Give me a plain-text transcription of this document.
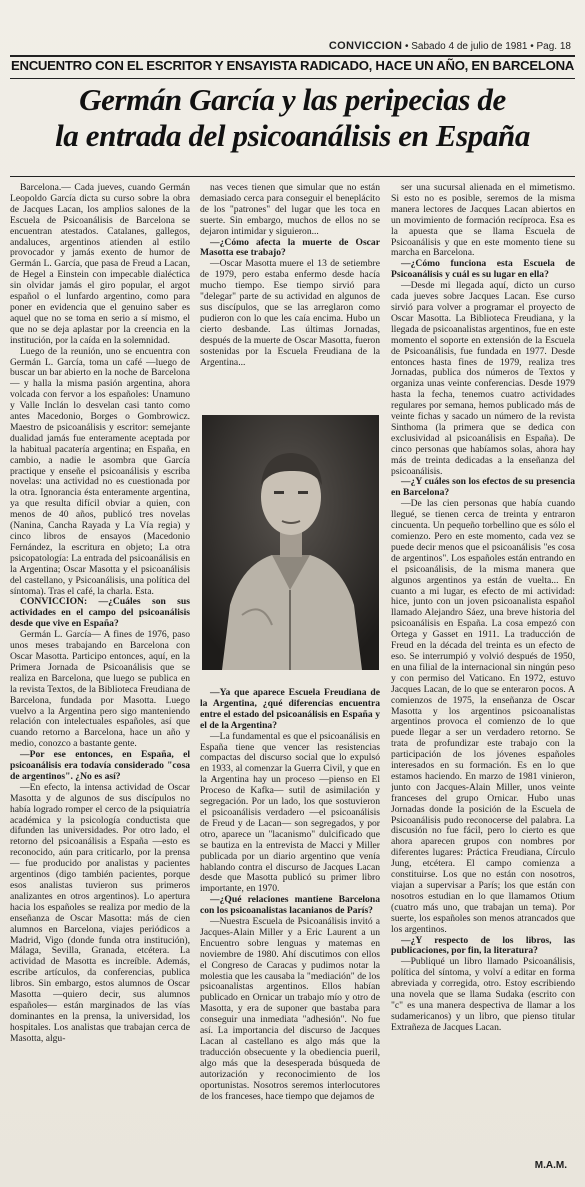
CONVICCION • Sabado 4 de julio de 1981 • Pag. 18
ENCUENTRO CON EL ESCRITOR Y ENSAYISTA RADICADO, HACE UN AÑO, EN BARCELONA
Germán García y las peripecias de
la entrada del psicoanálisis en España

Barcelona.— Cada jueves, cuando Germán Leopoldo García dicta su curso sobre la obra de Jacques Lacan, los amplios salones de la Escuela de Psicoanálisis de Barcelona se encuentran atestados. Catalanes, gallegos, andaluces, argentinos atienden al estilo provocador y jamás exento de humor de Germán L. García, que pasa de Freud a Lacan, de Hegel a Einstein con impecable dialéctica sin olvidar jamás el giro popular, el argot español o el lunfardo argentino, como para poner en evidencia que el genuino saber es aquel que no se toma en serio a sí mismo, el que no se deja aplastar por la creencia en la institución, por la caída en la solemnidad.

Luego de la reunión, uno se encuentra con Germán L. García, toma un café —luego de buscar un bar abierto en la noche de Barcelona— y halla la misma pasión argentina, ahora volcada con fervor a los españoles: Unamuno y Valle Inclán lo desvelan casi tanto como antes Macedonio, Borges o Gombrowicz. Maestro de psicoanálisis y escritor: semejante dualidad jamás fue enteramente aceptada por la habitual pacatería argentina; en España, en cambio, a nadie le asombra que García practique y enseñe el psicoanálisis y escriba novelas: una actividad no es cuestionada por la otra. Ignorancia ésta enteramente argentina, ya que resulta difícil obviar a quien, con menos de 40 años, publicó tres novelas (Nanina, Cancha Rayada y La Vía regia) y cinco libros de ensayos (Macedonio Fernández, la escritura en objeto; La otra psicopatología: La entrada del psicoanálisis en la Argentina; Oscar Masotta y el psicoanálisis del castellano, y Psicoanálisis, una política del síntoma). Tras el café, la charla. Esta.

CONVICCION: —¿Cuáles son sus actividades en el campo del psicoanálisis desde que vive en España?

Germán L. García— A fines de 1976, paso unos meses trabajando en Barcelona con Oscar Masotta. Participo entonces, aquí, en la Primera Jornada de Psicoanálisis que se realiza en Barcelona, que luego se publica en la revista Textos, de la Biblioteca Freudiana de Barcelona, fundada por Masotta. Luego vuelvo a la Argentina pero sigo manteniendo relación con intelectuales españoles, así que cuando retorno a Barcelona, hace un año y medio, conozco a bastante gente.

—Por ese entonces, en España, el psicoanálisis era todavía considerado "cosa de argentinos". ¿No es así?

—En efecto, la intensa actividad de Oscar Masotta y de algunos de sus discípulos no había logrado romper el cerco de la psiquiatría académica y la psicología conductista que difunden las universidades. Por otro lado, el retorno del psicoanálisis a España —esto es reconocido, aún para criticarlo, por la prensa— fue producido por analistas y pacientes argentinos (digo también pacientes, porque esos analistas tuvieron sus primeros analizantes en otros argentinos). Lo apertura hacia los españoles se realiza por medio de la enseñanza de Oscar Masotta: más de cien alumnos en Barcelona, viajes periódicos a Madrid, Vigo (donde funda otra institución), Málaga, Sevilla, Granada, etcétera. La actividad de Masotta es increíble. Además, escribe artículos, da conferencias, publica libros. Sin embargo, estos alumnos de Oscar Masotta —quiero decir, sus alumnos españoles— están marginados de las vías dominantes en la prensa, la universidad, los hospitales. Los analistas que trabajan cerca de Masotta, algu-

nas veces tienen que simular que no están demasiado cerca para conseguir el beneplácito de los "patrones" del lugar que les toca en suerte. Sin embargo, muchos de ellos no se dejaron intimidar y siguieron...

—¿Cómo afecta la muerte de Oscar Masotta ese trabajo?

—Oscar Masotta muere el 13 de setiembre de 1979, pero estaba enfermo desde hacía mucho tiempo. Ese tiempo sirvió para "delegar" parte de su actividad en algunos de sus discípulos, que se las arreglaron como pudieron con lo que les caía encima. Hubo un cierto desbande. Las últimas Jornadas, después de la muerte de Oscar Masotta, fueron sostenidas por la Escuela Freudiana de la Argentina...

—Ya que aparece Escuela Freudiana de la Argentina, ¿qué diferencias encuentra entre el estado del psicoanálisis en España y el de la Argentina?

—La fundamental es que el psicoanálisis en España tiene que vencer las resistencias compactas del discurso social que lo expulsó en 1933, al comenzar la Guerra Civil, y que en la Argentina hay un proceso —pienso en El Proceso de Kafka— sutil de asimilación y segregación. Por un lado, los que sostuvieron el psicoanálisis verdadero —el psicoanálisis de Freud y de Lacan— son segregados, y por otro, aparece un "lacanismo" dulcificado que se bautiza en la entrevista de Macci y Miller publicada por un diario argentino que venía hablando contra el discurso de Jacques Lacan desde que Masotta publicó su primer libro importante, en 1970.

—¿Qué relaciones mantiene Barcelona con los psicoanalistas lacanianos de París?

—Nuestra Escuela de Psicoanálisis invitó a Jacques-Alain Miller y a Eric Laurent a un Encuentro sobre lenguas y matemas en noviembre de 1980. Ahí discutimos con ellos el Congreso de Caracas y pudimos notar la molestia que les causaba la "mediación" de los psicoanalistas argentinos. Ellos habían publicado en Ornicar un trabajo mío y otro de Masotta, y era de suponer que bastaba para conseguir una inmediata "adhesión". No fue así. La importancia del discurso de Jacques Lacan al castellano es algo más que la traducción obsecuente y la obediencia pueril, algo más que la desesperada búsqueda de autorización y reconocimiento de los oportunistas. Nosotros seremos interlocutores de los franceses, hace tiempo que dejamos de

ser una sucursal alienada en el mimetismo. Si esto no es posible, seremos de la misma manera lectores de Jacques Lacan abiertos en un movimiento de formación recíproca. Esa es la apuesta que se llama Escuela de Psicoanálisis y que en este momento tiene su marcha en Barcelona.

—¿Cómo funciona esta Escuela de Psicoanálisis y cuál es su lugar en ella?

—Desde mi llegada aquí, dicto un curso cada jueves sobre Jacques Lacan. Ese curso sirvió para volver a programar el proyecto de Oscar Masotta. La Biblioteca Freudiana, y la llegada de psicoanalistas argentinos, fue en este momento el soporte en extensión de la Escuela de Psicoanálisis, fue fundada en 1977. Desde entonces hasta fines de 1979, realiza tres Jornadas, publica dos números de Textos y organiza unas veinte conferencias. Desde 1979 hasta la fecha, tenemos cuatro actividades regulares por semana, hemos publicado más de veinte fichas y sacado un número de la revista Sinthoma (la primera que se dedica con exclusividad al psicoanálisis en España). De cinco personas que habíamos solas, ahora hay más de treinta dedicadas a la enseñanza del psicoanálisis.

—¿Y cuáles son los efectos de su presencia en Barcelona?

—De las cien personas que había cuando llegué, se tienen cerca de treinta y entraron cincuenta. Un pequeño torbellino que es sólo el comienzo. Pero en este momento, cada vez se puede decir menos que el psicoanálisis "es cosa de argentinos". Los españoles están entrando en el psicoanálisis, de la misma manera que algunos argentinos ya están de vuelta... En cuanto a mi lugar, es efecto de mi actividad: hice, junto con un joven psicoanalista español llamado Alejandro Sáez, una breve historia del psicoanálisis en España. La cosa empezó con Ortega y Gasset en 1911. La traducción de Freud en la década del treinta es un efecto de eso. Se interrumpió y volvió después de 1950, en una filial de la internacional sin ningún peso y con permiso del Vaticano. En 1972, estuvo Jacques Lacan, de lo que se enteraron pocos. A comienzos de 1975, la enseñanza de Oscar Masotta y los argentinos psicoanalistas argentinos provoca el comienzo de lo que puede llegar a ser un verdadero retorno. Se trata de profundizar este trabajo con la participación de los jóvenes españoles interesados en su formación. Es en lo que estamos haciendo. En marzo de 1981 vinieron, junto con Jacques-Alain Miller, unos veinte franceses del grupo Ornicar. Hubo unas Jornadas donde la posición de la Escuela de Psicoanálisis pudo reconocerse del palabra. La discusión no fue fácil, pero lo cierto es que ahora aparecen grupos con nombres por diferentes lugares: Práctica Freudiana, Círculo Jung, etcétera. El campo comienza a constituirse. Los que no están con nosotros, viajan a supervisar a París; los que están con nosotros estudian en lo que llamamos Otium (cuatro más uno, que trabajan un tema). Por suerte, los españoles son menos atrancados que los argentinos.

—¿Y respecto de los libros, las publicaciones, por fin, la literatura?

—Publiqué un libro llamado Psicoanálisis, política del síntoma, y volví a editar en forma abreviada y corregida, otro. Estoy escribiendo una novela que se llama Sudaka (escrito con "c" es una manera despectiva de llamar a los sudamericanos) y un libro, que pienso titular Extrañeza de Jacques Lacan.

M.A.M.
